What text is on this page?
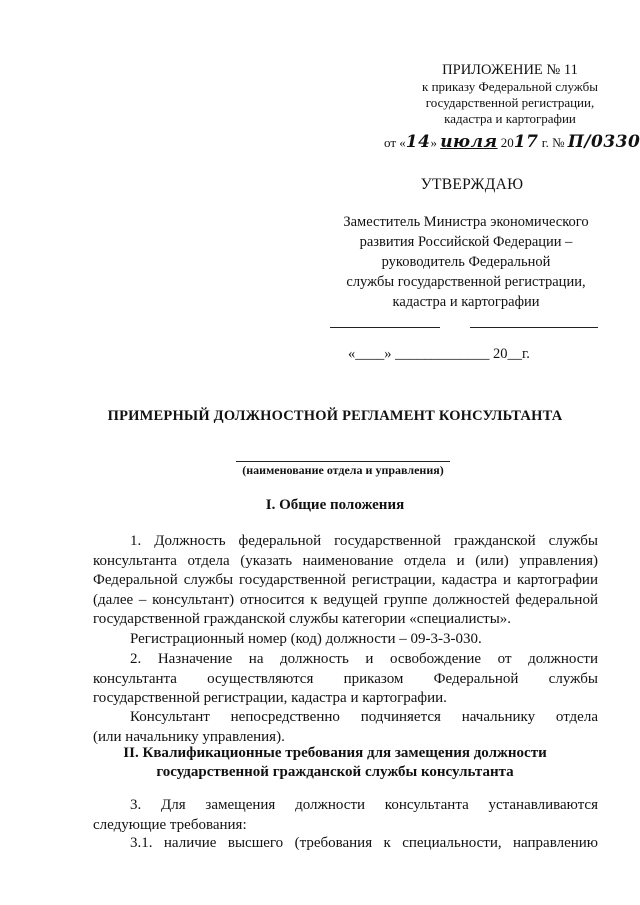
ПРИЛОЖЕНИЕ № 11
к приказу Федеральной службы
государственной регистрации,
кадастра и картографии
от «14» июля 2017 г. № П/0330
УТВЕРЖДАЮ
Заместитель Министра экономического
развития Российской Федерации –
руководитель Федеральной
службы государственной регистрации,
кадастра и картографии
«____» _____________ 20__г.
ПРИМЕРНЫЙ ДОЛЖНОСТНОЙ РЕГЛАМЕНТ КОНСУЛЬТАНТА
(наименование отдела и управления)
I. Общие положения
1. Должность федеральной государственной гражданской службы
консультанта отдела (указать наименование отдела и (или) управления)
Федеральной службы государственной регистрации, кадастра и картографии
(далее – консультант) относится к ведущей группе должностей федеральной
государственной гражданской службы категории «специалисты».
Регистрационный номер (код) должности – 09-3-3-030.
2. Назначение на должность и освобождение от должности
консультанта осуществляются приказом Федеральной службы
государственной регистрации, кадастра и картографии.
Консультант непосредственно подчиняется начальнику отдела
(или начальнику управления).
II. Квалификационные требования для замещения должности
государственной гражданской службы консультанта
3. Для замещения должности консультанта устанавливаются
следующие требования:
3.1. наличие высшего (требования к специальности, направлению
